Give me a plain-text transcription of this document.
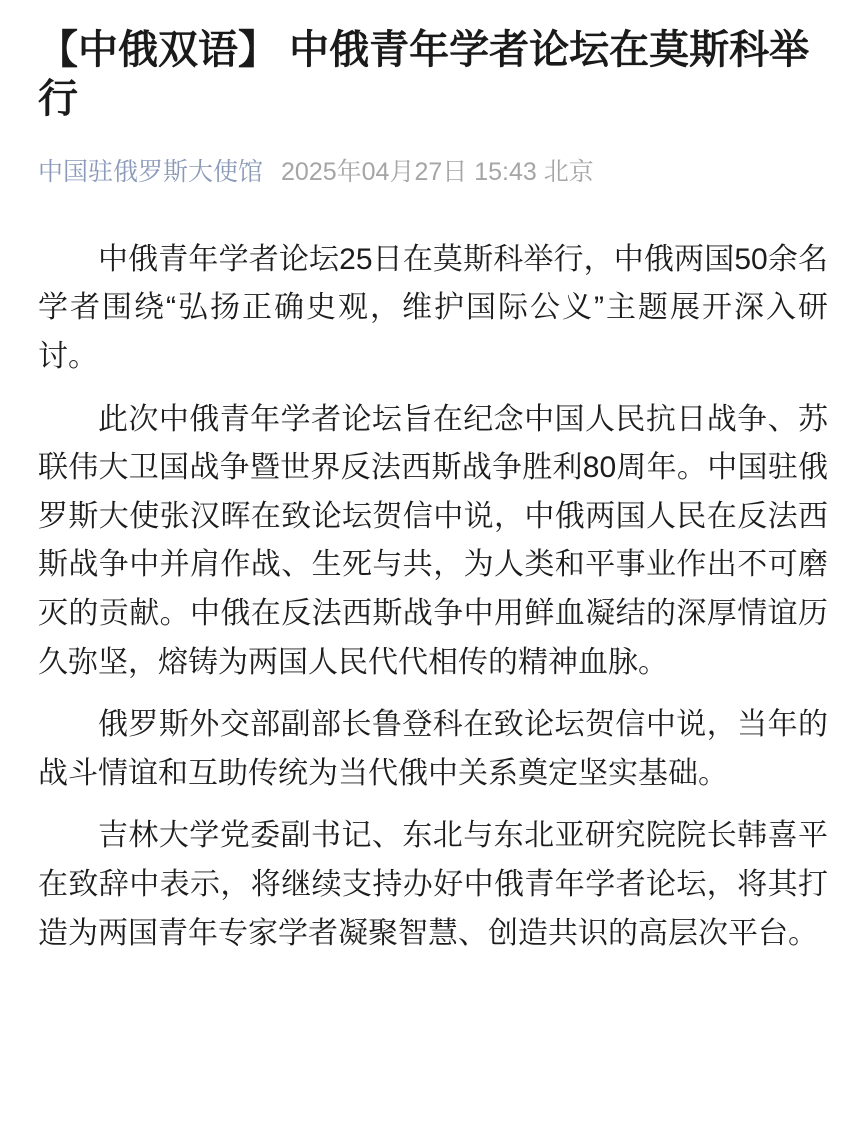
【中俄双语】 中俄青年学者论坛在莫斯科举行
中国驻俄罗斯大使馆 2025年04月27日 15:43 北京

中俄青年学者论坛25日在莫斯科举行，中俄两国50余名学者围绕“弘扬正确史观，维护国际公义”主题展开深入研讨。

此次中俄青年学者论坛旨在纪念中国人民抗日战争、苏联伟大卫国战争暨世界反法西斯战争胜利80周年。中国驻俄罗斯大使张汉晖在致论坛贺信中说，中俄两国人民在反法西斯战争中并肩作战、生死与共，为人类和平事业作出不可磨灭的贡献。中俄在反法西斯战争中用鲜血凝结的深厚情谊历久弥坚，熔铸为两国人民代代相传的精神血脉。

俄罗斯外交部副部长鲁登科在致论坛贺信中说，当年的战斗情谊和互助传统为当代俄中关系奠定坚实基础。

吉林大学党委副书记、东北与东北亚研究院院长韩喜平在致辞中表示，将继续支持办好中俄青年学者论坛，将其打造为两国青年专家学者凝聚智慧、创造共识的高层次平台。
